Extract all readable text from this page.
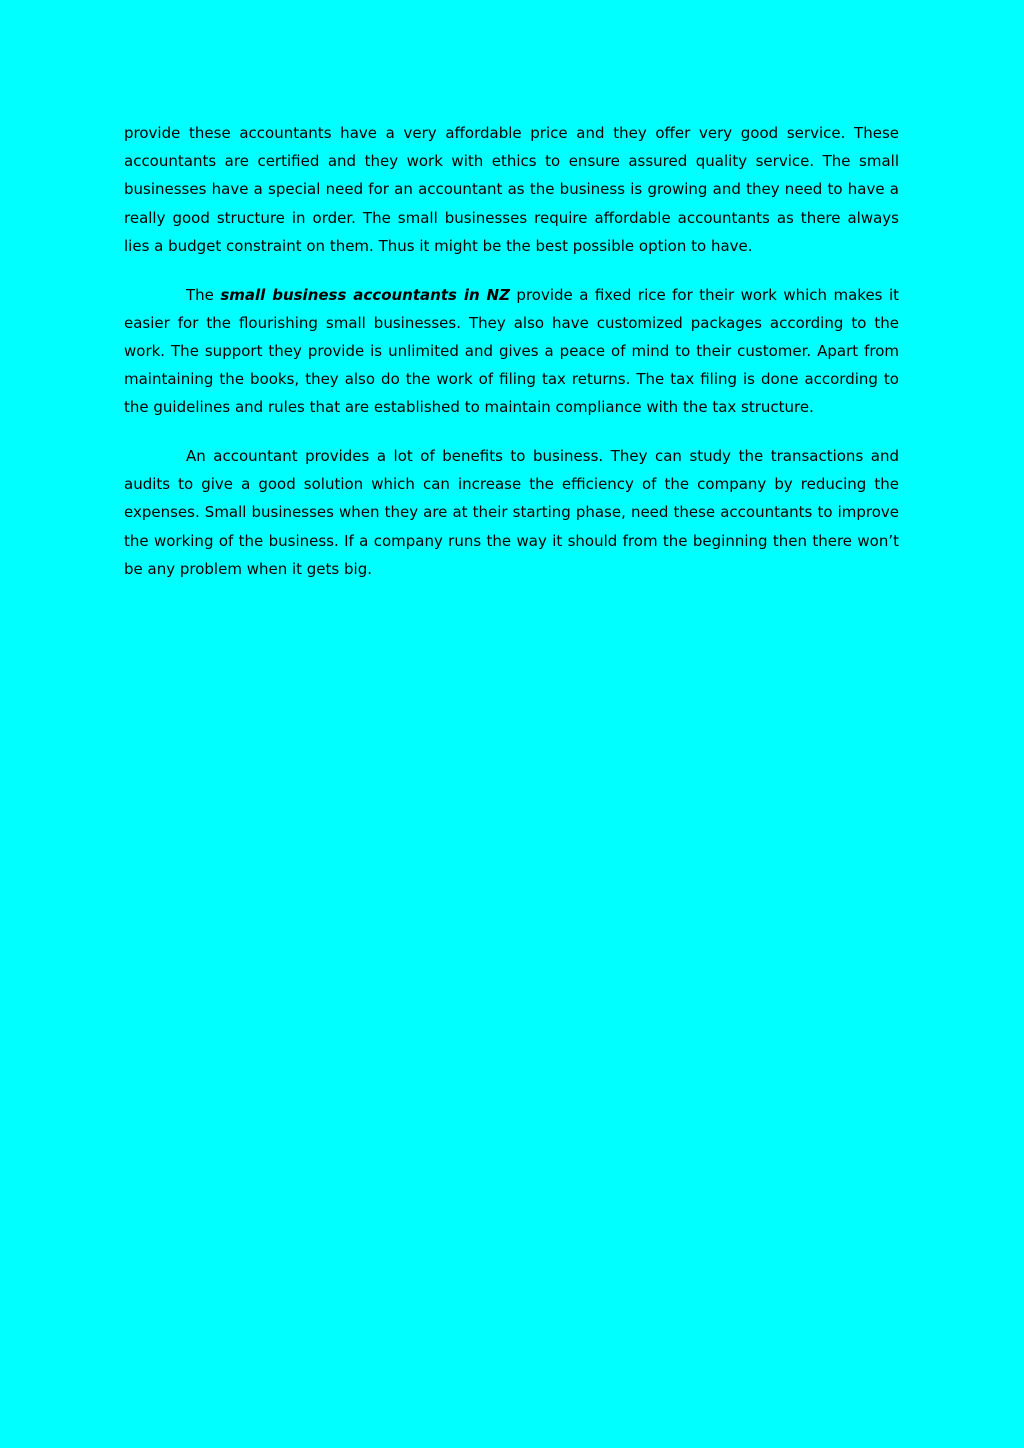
provide these accountants have a very affordable price and they offer very good service. These accountants are certified and they work with ethics to ensure assured quality service. The small businesses have a special need for an accountant as the business is growing and they need to have a really good structure in order. The small businesses require affordable accountants as there always lies a budget constraint on them. Thus it might be the best possible option to have.

The small business accountants in NZ provide a fixed rice for their work which makes it easier for the flourishing small businesses. They also have customized packages according to the work. The support they provide is unlimited and gives a peace of mind to their customer. Apart from maintaining the books, they also do the work of filing tax returns. The tax filing is done according to the guidelines and rules that are established to maintain compliance with the tax structure.

An accountant provides a lot of benefits to business. They can study the transactions and audits to give a good solution which can increase the efficiency of the company by reducing the expenses. Small businesses when they are at their starting phase, need these accountants to improve the working of the business. If a company runs the way it should from the beginning then there won’t be any problem when it gets big.
